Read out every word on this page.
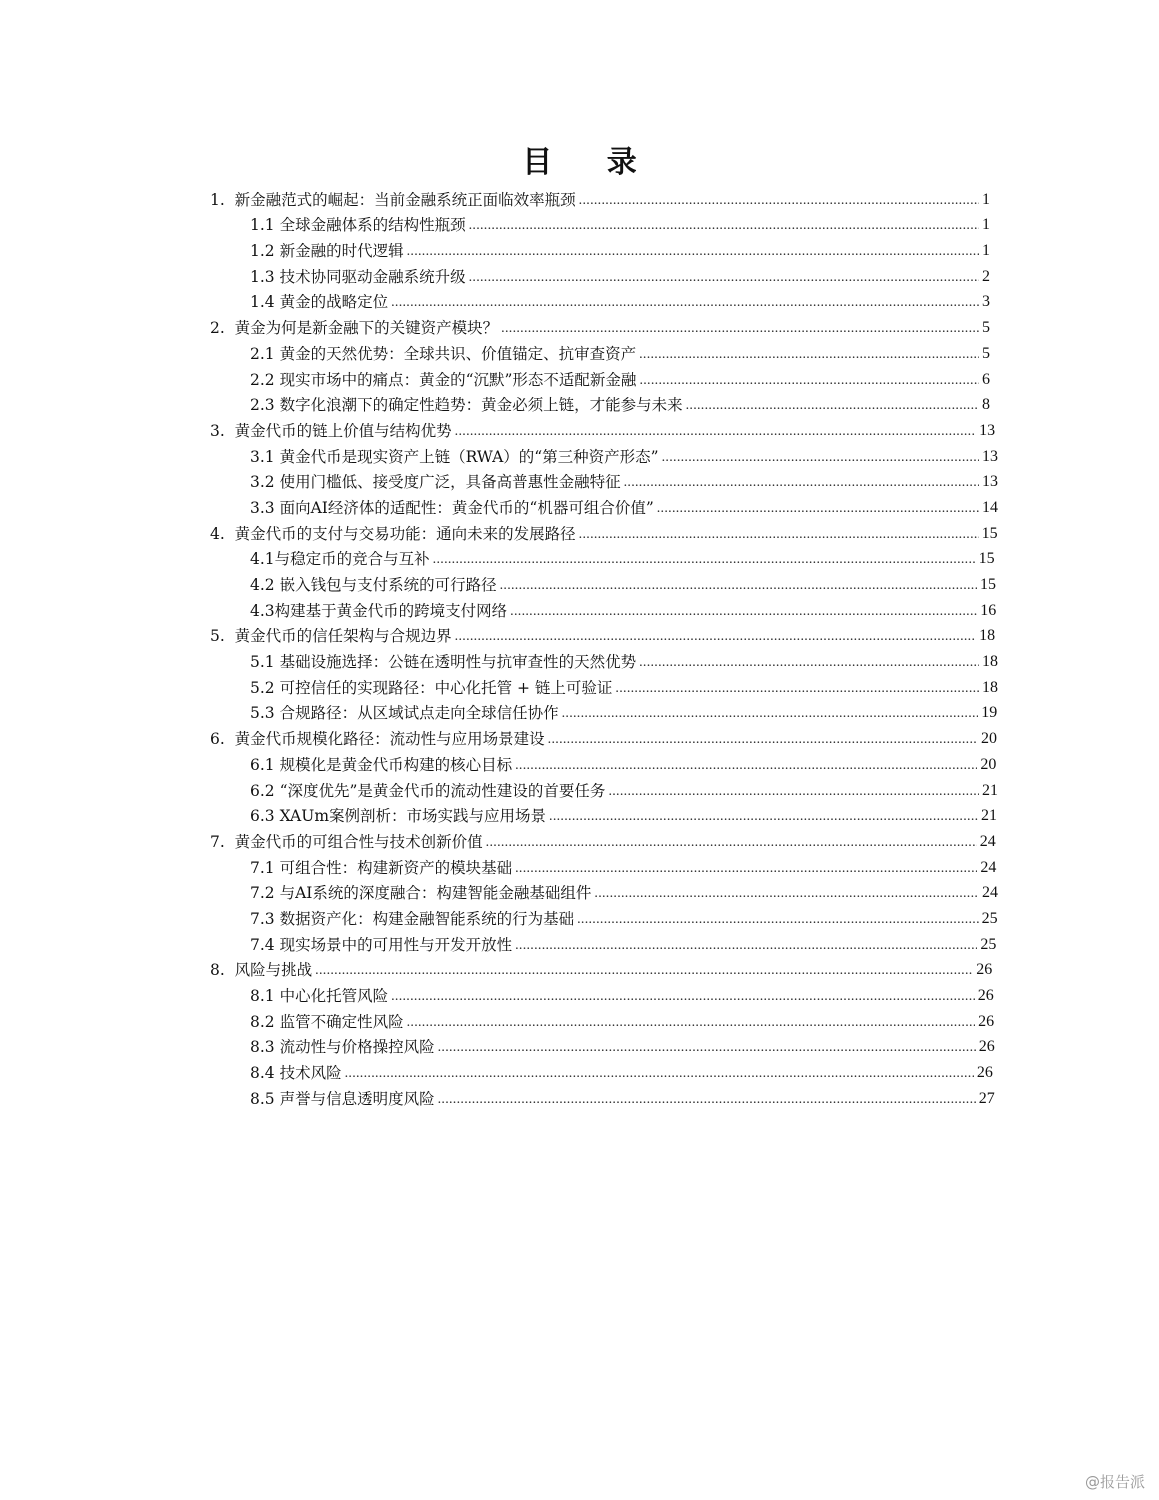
目 录
1. 新金融范式的崛起：当前金融系统正面临效率瓶颈 . . .	1
1.1 全球金融体系的结构性瓶颈 . . .	1
1.2 新金融的时代逻辑 . . .	1
1.3 技术协同驱动金融系统升级 . . .	2
1.4 黄金的战略定位 . . .	3
2. 黄金为何是新金融下的关键资产模块？ . . .	5
2.1 黄金的天然优势：全球共识、价值锚定、抗审查资产 . . .	5
2.2 现实市场中的痛点：黄金的“沉默”形态不适配新金融 . . .	6
2.3 数字化浪潮下的确定性趋势：黄金必须上链，才能参与未来 . . .	8
3. 黄金代币的链上价值与结构优势 . . .	13
3.1 黄金代币是现实资产上链（RWA）的“第三种资产形态” . . .	13
3.2 使用门槛低、接受度广泛，具备高普惠性金融特征 . . .	13
3.3 面向AI经济体的适配性：黄金代币的“机器可组合价值” . . .	14
4. 黄金代币的支付与交易功能：通向未来的发展路径 . . .	15
4.1 与稳定币的竞合与互补 . . .	15
4.2 嵌入钱包与支付系统的可行路径 . . .	15
4.3 构建基于黄金代币的跨境支付网络 . . .	16
5. 黄金代币的信任架构与合规边界 . . .	18
5.1 基础设施选择：公链在透明性与抗审查性的天然优势 . . .	18
5.2 可控信任的实现路径：中心化托管 + 链上可验证 . . .	18
5.3 合规路径：从区域试点走向全球信任协作 . . .	19
6. 黄金代币规模化路径：流动性与应用场景建设 . . .	20
6.1 规模化是黄金代币构建的核心目标 . . .	20
6.2 “深度优先”是黄金代币的流动性建设的首要任务 . . .	21
6.3 XAUm案例剖析：市场实践与应用场景 . . .	21
7. 黄金代币的可组合性与技术创新价值 . . .	24
7.1 可组合性：构建新资产的模块基础 . . .	24
7.2 与AI系统的深度融合：构建智能金融基础组件 . . .	24
7.3 数据资产化：构建金融智能系统的行为基础 . . .	25
7.4 现实场景中的可用性与开发开放性 . . .	25
8. 风险与挑战 . . .	26
8.1 中心化托管风险 . . .	26
8.2 监管不确定性风险 . . .	26
8.3 流动性与价格操控风险 . . .	26
8.4 技术风险 . . .	26
8.5 声誉与信息透明度风险 . . .	27
@报告派
